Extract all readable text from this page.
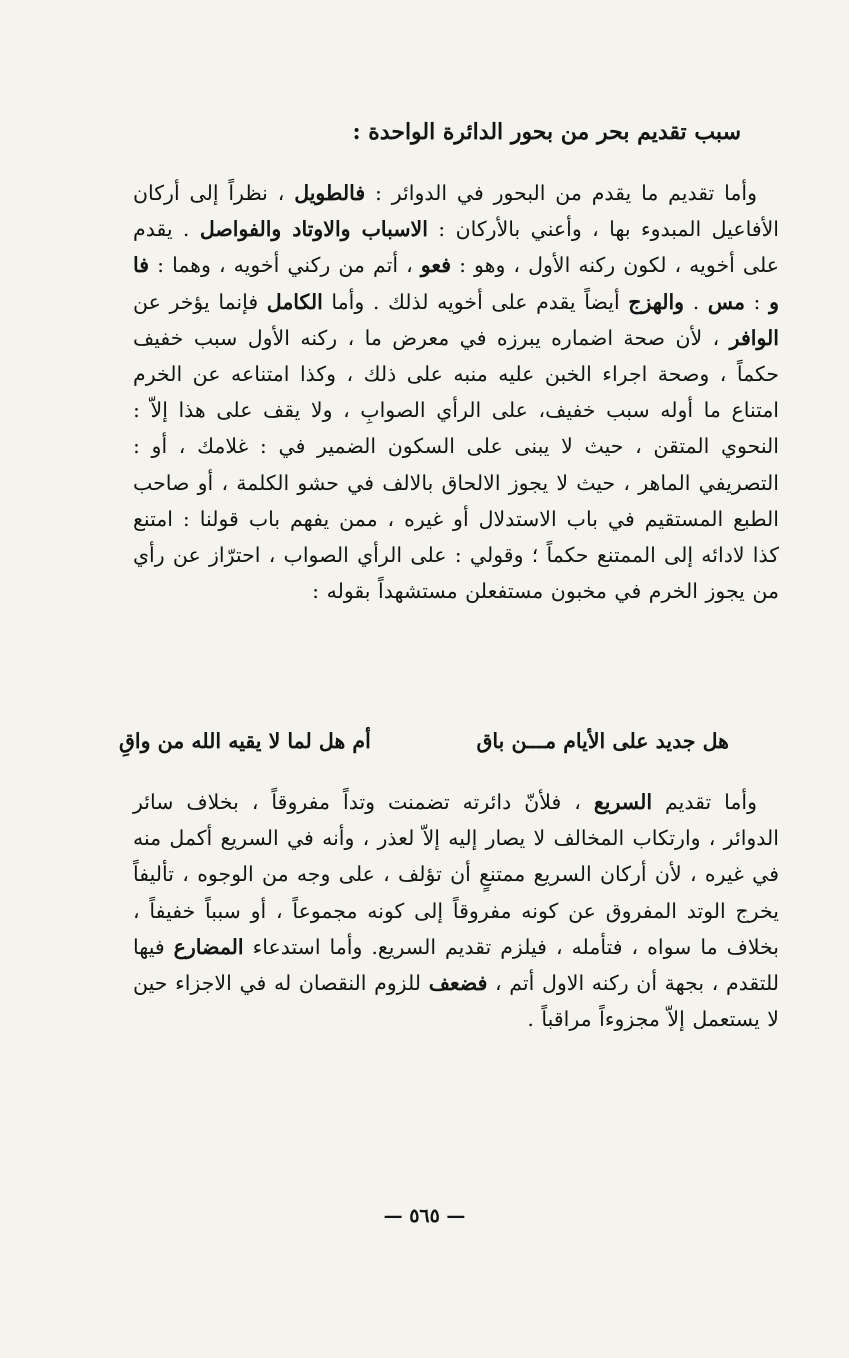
سبب تقديم بحر من بحور الدائرة الواحدة :

وأما تقديم ما يقدم من البحور في الدوائر : فالطويل ، نظراً إلى أركان الأفاعيل المبدوء بها ، وأعني بالأركان : الاسباب والاوتاد والفواصل . يقدم على أخويه ، لكون ركنه الأول ، وهو : فعو ، أتم من ركني أخويه ، وهما : فا و : مس . والهزج أيضاً يقدم على أخويه لذلك . وأما الكامل فإنما يؤخر عن الوافر ، لأن صحة اضماره يبرزه في معرض ما ، ركنه الأول سبب خفيف حكماً ، وصحة اجراء الخبن عليه منبه على ذلك ، وكذا امتناعه عن الخرم امتناع ما أوله سبب خفيف، على الرأي الصوابِ ، ولا يقف على هذا إلاّ : النحوي المتقن ، حيث لا يبنى على السكون الضمير في : غلامك ، أو : التصريفي الماهر ، حيث لا يجوز الالحاق بالالف في حشو الكلمة ، أو صاحب الطبع المستقيم في باب الاستدلال أو غيره ، ممن يفهم باب قولنا : امتنع كذا لادائه إلى الممتنع حكماً ؛ وقولي : على الرأي الصواب ، احترّاز عن رأي من يجوز الخرم في مخبون مستفعلن مستشهداً بقوله :

هل جديد على الأيام مـــن باق
أم هل لما لا يقيه الله من واقِ

وأما تقديم السريع ، فلأنّ دائرته تضمنت وتداً مفروقاً ، بخلاف سائر الدوائر ، وارتكاب المخالف لا يصار إليه إلاّ لعذر ، وأنه في السريع أكمل منه في غيره ، لأن أركان السريع ممتنعٍ أن تؤلف ، على وجه من الوجوه ، تأليفاً يخرج الوتد المفروق عن كونه مفروقاً إلى كونه مجموعاً ، أو سبباً خفيفاً ، بخلاف ما سواه ، فتأمله ، فيلزم تقديم السريع. وأما استدعاء المضارع فيها للتقدم ، بجهة أن ركنه الاول أتم ، فضعف للزوم النقصان له في الاجزاء حين لا يستعمل إلاّ مجزوءاً مراقباً .

— ٥٦٥ —
